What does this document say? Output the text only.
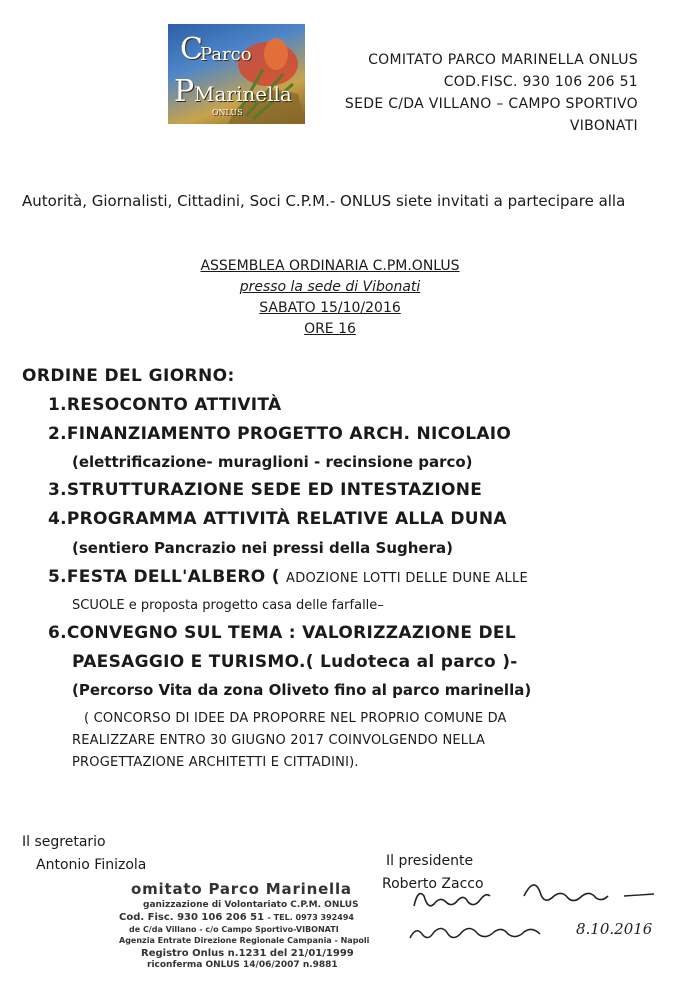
C
Parco
P Marinella
ONLUS
COMITATO PARCO MARINELLA ONLUS
COD.FISC. 930 106 206 51
SEDE C/DA VILLANO – CAMPO SPORTIVO
VIBONATI
Autorità, Giornalisti, Cittadini, Soci C.P.M.- ONLUS siete invitati a partecipare alla
ASSEMBLEA ORDINARIA C.PM.ONLUS
presso la sede di Vibonati
SABATO 15/10/2016
ORE 16
ORDINE DEL GIORNO:
1.RESOCONTO ATTIVITÀ
2.FINANZIAMENTO PROGETTO ARCH. NICOLAIO
(elettrificazione- muraglioni - recinsione parco)
3.STRUTTURAZIONE SEDE ED INTESTAZIONE
4.PROGRAMMA ATTIVITÀ RELATIVE ALLA DUNA
(sentiero Pancrazio nei pressi della Sughera)
5.FESTA DELL'ALBERO ( ADOZIONE LOTTI DELLE DUNE ALLE
SCUOLE e proposta progetto casa delle farfalle–
6.CONVEGNO SUL TEMA : VALORIZZAZIONE DEL
PAESAGGIO E TURISMO.( Ludoteca al parco )-
(Percorso Vita da zona Oliveto fino al parco marinella)
( CONCORSO DI IDEE DA PROPORRE NEL PROPRIO COMUNE DA
REALIZZARE ENTRO 30 GIUGNO 2017 COINVOLGENDO NELLA
PROGETTAZIONE ARCHITETTI E CITTADINI).
Il segretario
Antonio Finizola	Il presidente
Roberto Zacco
8.10.2016
omitato Parco Marinella
ganizzazione di Volontariato C.P.M. ONLUS
Cod. Fisc. 930 106 206 51 - TEL. 0973 392494
de C/da Villano - c/o Campo Sportivo-VIBONATI
Agenzia Entrate Direzione Regionale Campania - Napoli
Registro Onlus n.1231 del 21/01/1999
riconferma ONLUS 14/06/2007 n.9881
